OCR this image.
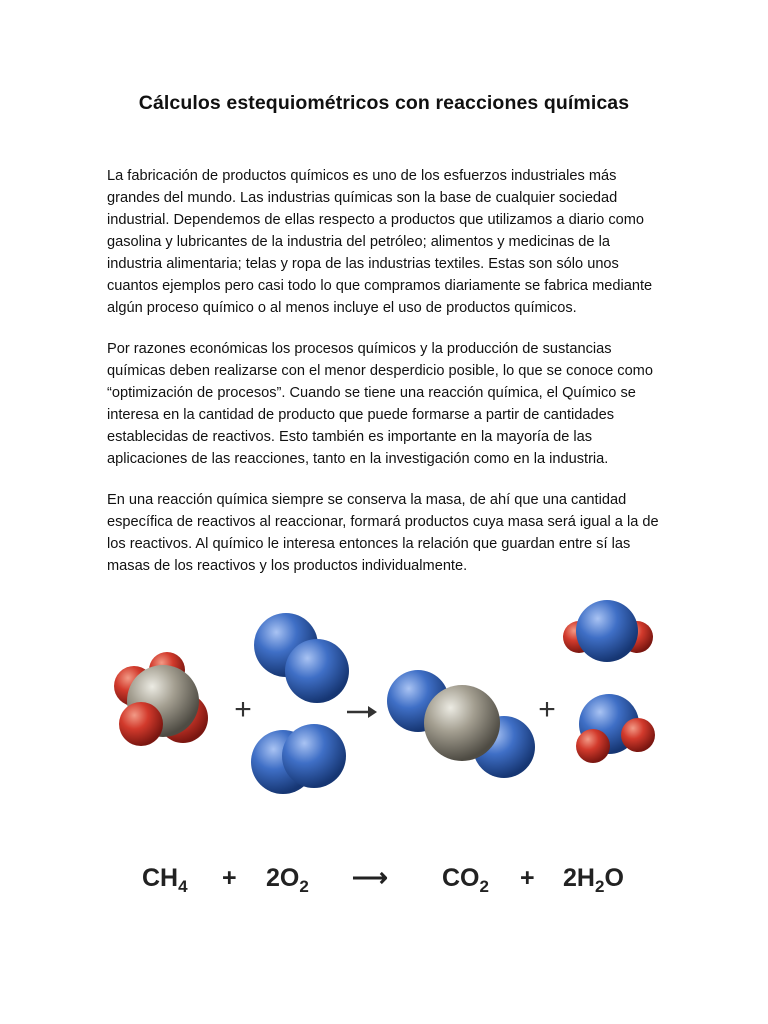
Cálculos estequiométricos con reacciones químicas

La fabricación de productos químicos es uno de los esfuerzos industriales más grandes del mundo. Las industrias químicas son la base de cualquier sociedad industrial. Dependemos de ellas respecto a productos que utilizamos a diario como gasolina y lubricantes de la industria del petróleo; alimentos y medicinas de la industria alimentaria; telas y ropa de las industrias textiles. Estas son sólo unos cuantos ejemplos pero casi todo lo que compramos diariamente se fabrica mediante algún proceso químico o al menos incluye el uso de productos químicos.

Por razones económicas los procesos químicos y la producción de sustancias químicas deben realizarse con el menor desperdicio posible, lo que se conoce como “optimización de procesos”. Cuando se tiene una reacción química, el Químico se interesa en la cantidad de producto que puede formarse a partir de cantidades establecidas de reactivos. Esto también es importante en la mayoría de las aplicaciones de las reacciones, tanto en la investigación como en la industria.

En una reacción química siempre se conserva la masa, de ahí que una cantidad específica de reactivos al reaccionar, formará productos cuya masa será igual a la de los reactivos. Al químico le interesa entonces la relación que guardan entre sí las masas de los reactivos y los productos individualmente.

+	+
$CH_4 + 2O_2$ ⟶ $CO_2 + 2H_2O$
